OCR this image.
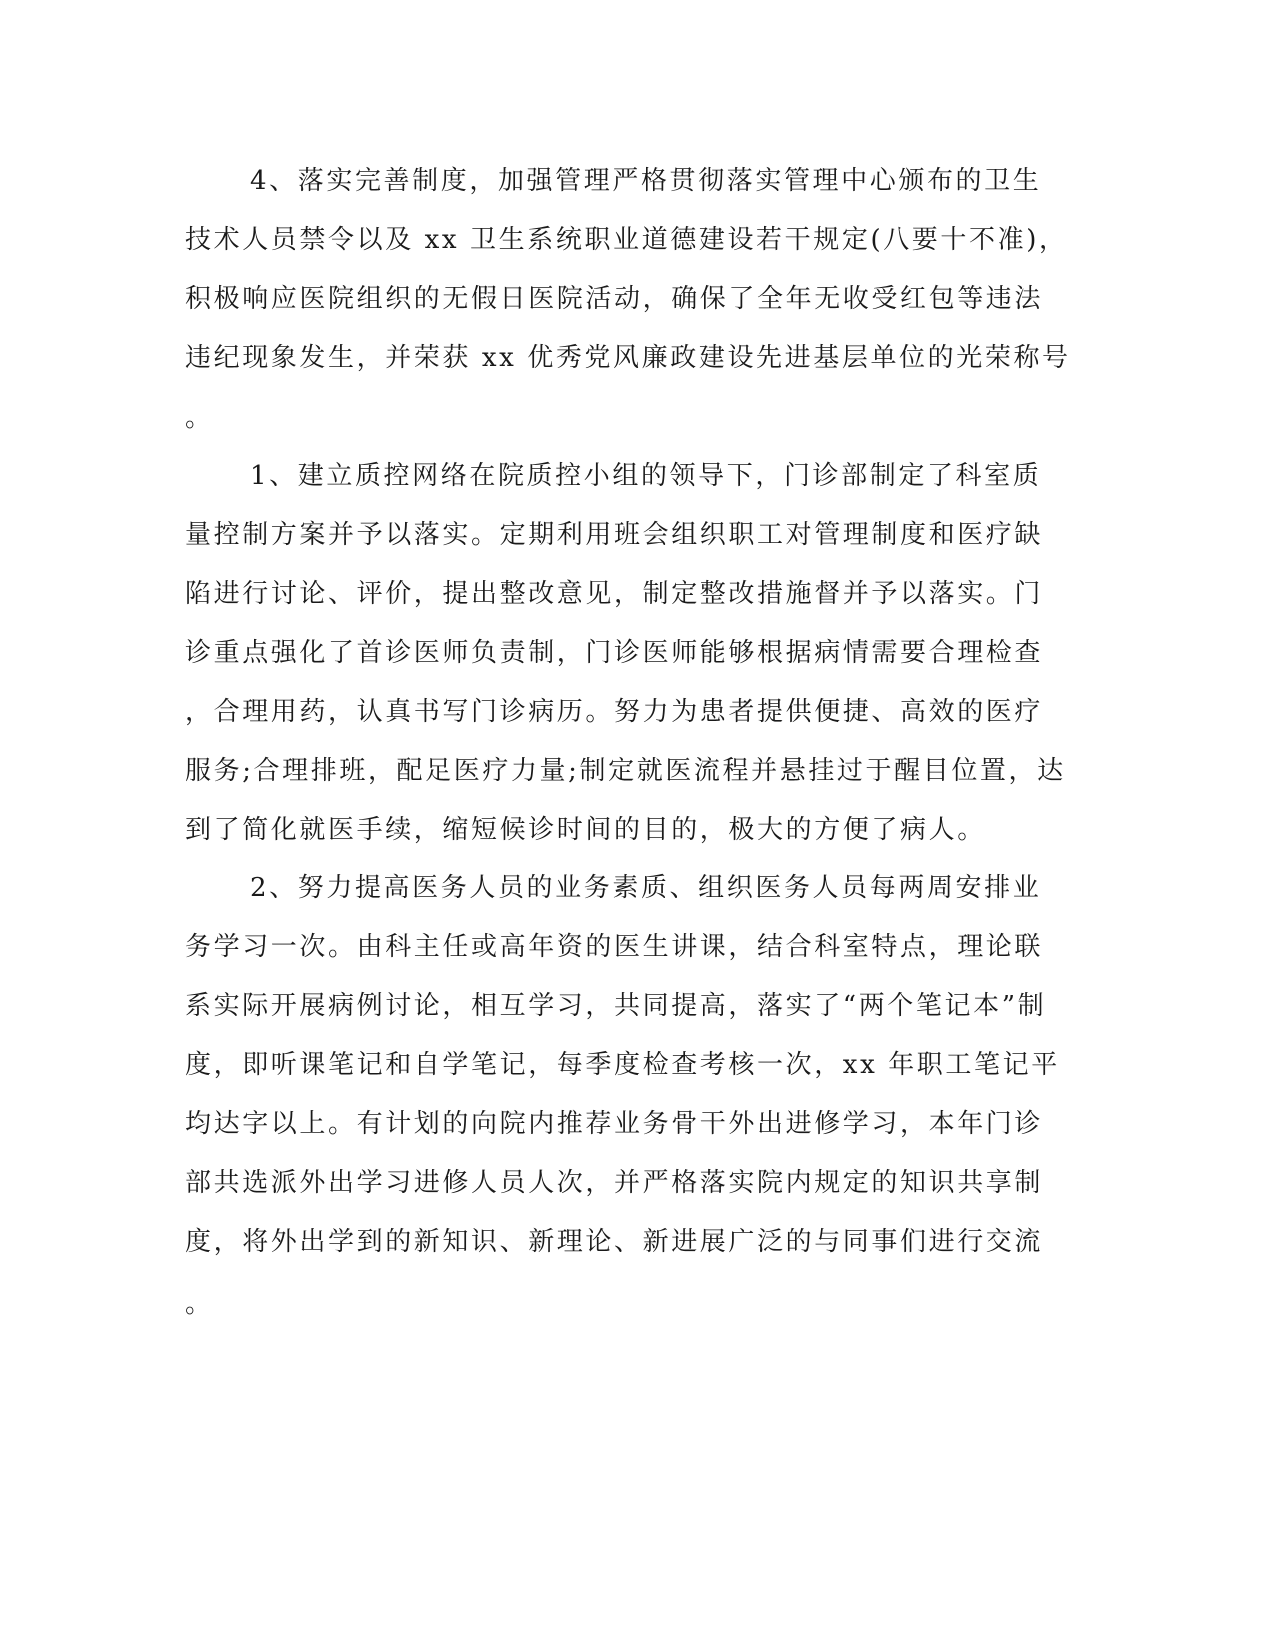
4、落实完善制度，加强管理严格贯彻落实管理中心颁布的卫生
技术人员禁令以及 xx 卫生系统职业道德建设若干规定(八要十不准)，
积极响应医院组织的无假日医院活动，确保了全年无收受红包等违法
违纪现象发生，并荣获 xx 优秀党风廉政建设先进基层单位的光荣称号
。
1、建立质控网络在院质控小组的领导下，门诊部制定了科室质
量控制方案并予以落实。定期利用班会组织职工对管理制度和医疗缺
陷进行讨论、评价，提出整改意见，制定整改措施督并予以落实。门
诊重点强化了首诊医师负责制，门诊医师能够根据病情需要合理检查
，合理用药，认真书写门诊病历。努力为患者提供便捷、高效的医疗
服务;合理排班，配足医疗力量;制定就医流程并悬挂过于醒目位置，达
到了简化就医手续，缩短候诊时间的目的，极大的方便了病人。
2、努力提高医务人员的业务素质、组织医务人员每两周安排业
务学习一次。由科主任或高年资的医生讲课，结合科室特点，理论联
系实际开展病例讨论，相互学习，共同提高，落实了“两个笔记本”制
度，即听课笔记和自学笔记，每季度检查考核一次，xx 年职工笔记平
均达字以上。有计划的向院内推荐业务骨干外出进修学习，本年门诊
部共选派外出学习进修人员人次，并严格落实院内规定的知识共享制
度，将外出学到的新知识、新理论、新进展广泛的与同事们进行交流
。
